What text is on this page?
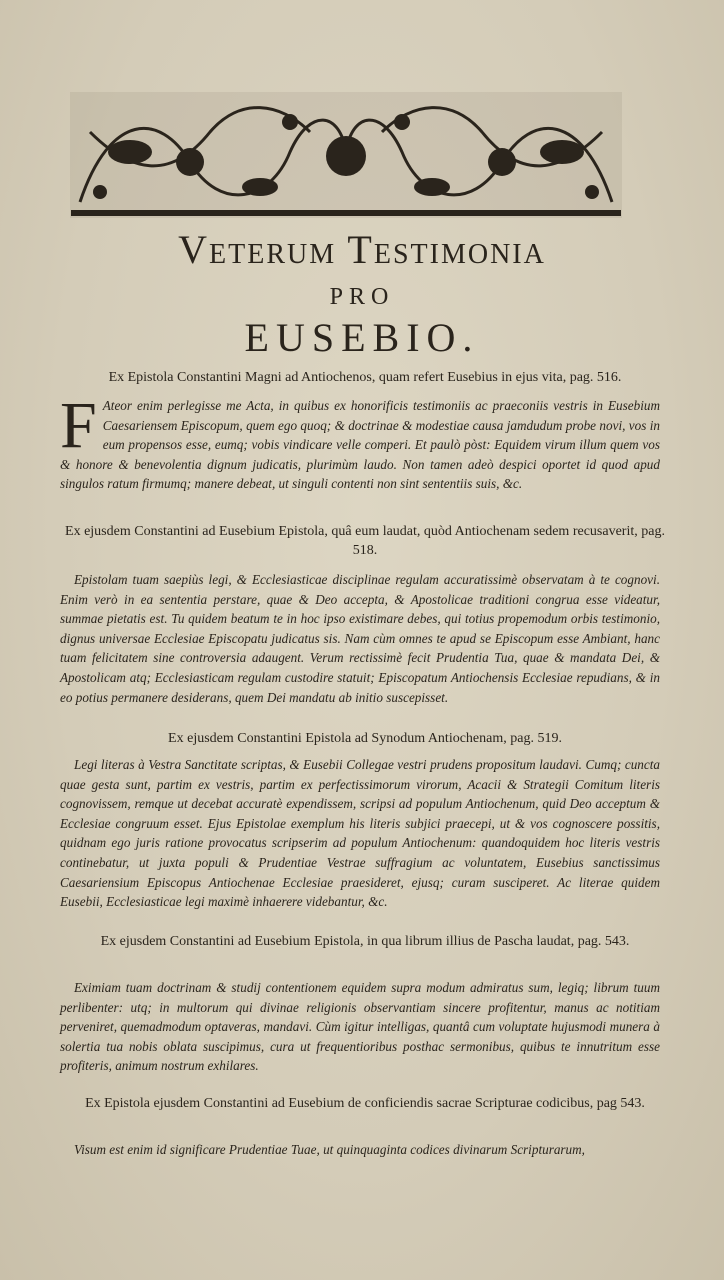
Veterum Testimonia
PRO
EUSEBIO.
Ex Epistola Constantini Magni ad Antiochenos, quam refert Eusebius in ejus vita, pag. 516.
F Ateor enim perlegisse me Acta, in quibus ex honorificis testimoniis ac praeconiis vestris in Eusebium Caesariensem Episcopum, quem ego quoq; & doctrinae & modestiae causa jamdudum probe novi, vos in eum propensos esse, eumq; vobis vindicare velle comperi. Et paulò pòst: Equidem virum illum quem vos & honore & benevolentia dignum judicatis, plurimùm laudo. Non tamen adeò despici oportet id quod apud singulos ratum firmumq; manere debeat, ut singuli contenti non sint sententiis suis, &c.
Ex ejusdem Constantini ad Eusebium Epistola, quâ eum laudat, quòd Antiochenam sedem recusaverit, pag. 518.
Epistolam tuam saepiùs legi, & Ecclesiasticae disciplinae regulam accuratissimè observatam à te cognovi. Enim verò in ea sententia perstare, quae & Deo accepta, & Apostolicae traditioni congrua esse videatur, summae pietatis est. Tu quidem beatum te in hoc ipso existimare debes, qui totius propemodum orbis testimonio, dignus universae Ecclesiae Episcopatu judicatus sis. Nam cùm omnes te apud se Episcopum esse Ambiant, hanc tuam felicitatem sine controversia adaugent. Verum rectissimè fecit Prudentia Tua, quae & mandata Dei, & Apostolicam atq; Ecclesiasticam regulam custodire statuit; Episcopatum Antiochensis Ecclesiae repudians, & in eo potius permanere desiderans, quem Dei mandatu ab initio suscepisset.
Ex ejusdem Constantini Epistola ad Synodum Antiochenam, pag. 519.
Legi literas à Vestra Sanctitate scriptas, & Eusebii Collegae vestri prudens propositum laudavi. Cumq; cuncta quae gesta sunt, partim ex vestris, partim ex perfectissimorum virorum, Acacii & Strategii Comitum literis cognovissem, remque ut decebat accuratè expendissem, scripsi ad populum Antiochenum, quid Deo acceptum & Ecclesiae congruum esset. Ejus Epistolae exemplum his literis subjici praecepi, ut & vos cognoscere possitis, quidnam ego juris ratione provocatus scripserim ad populum Antiochenum: quandoquidem hoc literis vestris continebatur, ut juxta populi & Prudentiae Vestrae suffragium ac voluntatem, Eusebius sanctissimus Caesariensium Episcopus Antiochenae Ecclesiae praesideret, ejusq; curam susciperet. Ac literae quidem Eusebii, Ecclesiasticae legi maximè inhaerere videbantur, &c.
Ex ejusdem Constantini ad Eusebium Epistola, in qua librum illius de Pascha laudat, pag. 543.
Eximiam tuam doctrinam & studij contentionem equidem supra modum admiratus sum, legiq; librum tuum perlibenter: utq; in multorum qui divinae religionis observantiam sincere profitentur, manus ac notitiam perveniret, quemadmodum optaveras, mandavi. Cùm igitur intelligas, quantâ cum voluptate hujusmodi munera à solertia tua nobis oblata suscipimus, cura ut frequentioribus posthac sermonibus, quibus te innutritum esse profiteris, animum nostrum exhilares.
Ex Epistola ejusdem Constantini ad Eusebium de conficiendis sacrae Scripturae codicibus, pag 543.
Visum est enim id significare Prudentiae Tuae, ut quinquaginta codices divinarum Scripturarum,
